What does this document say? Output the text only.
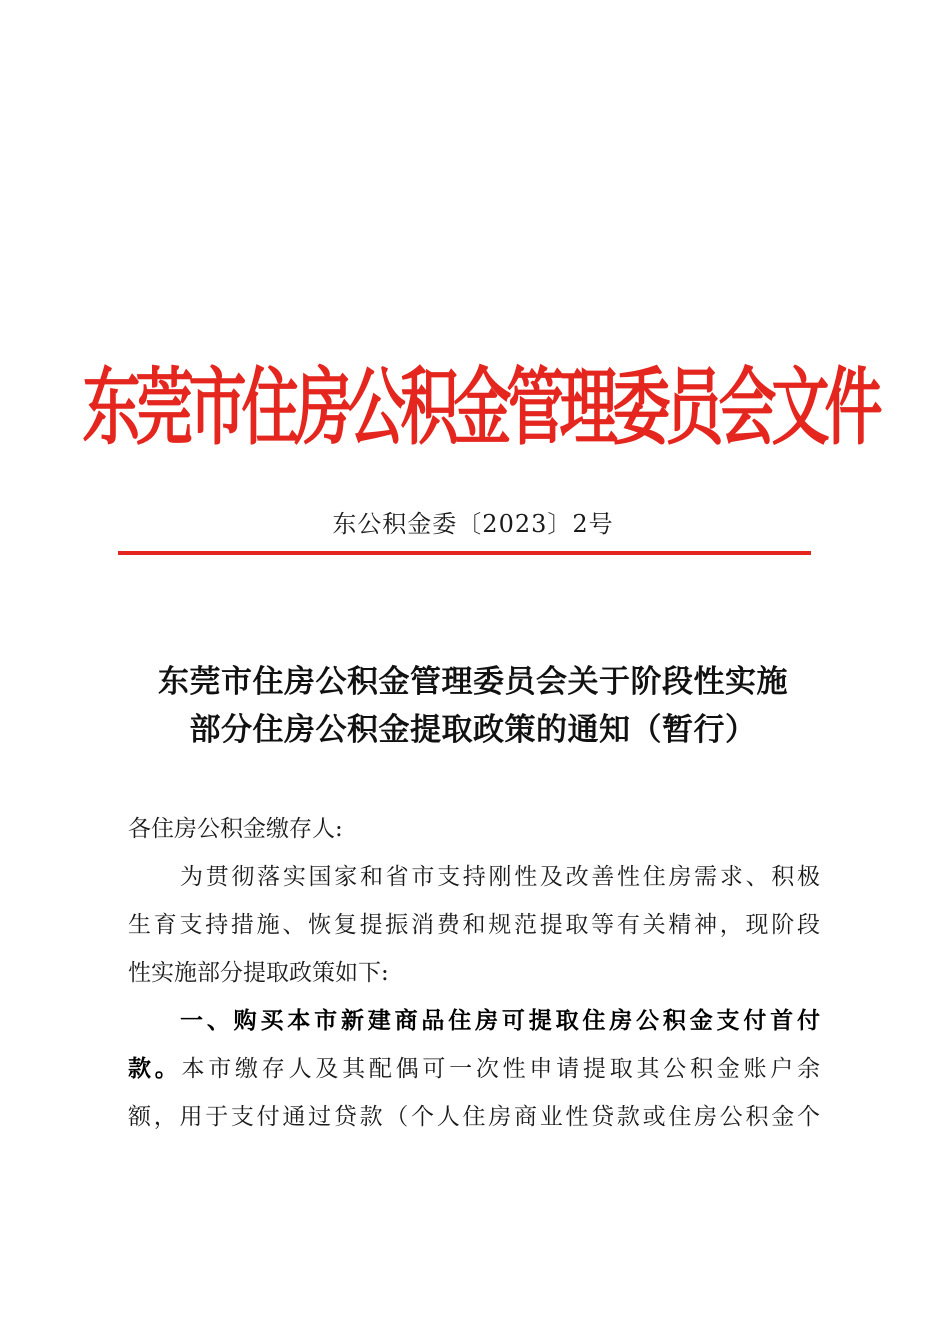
东莞市住房公积金管理委员会文件
东公积金委〔2023〕2号
东莞市住房公积金管理委员会关于阶段性实施
部分住房公积金提取政策的通知（暂行）
各住房公积金缴存人:
为贯彻落实国家和省市支持刚性及改善性住房需求、积极
生育支持措施、恢复提振消费和规范提取等有关精神，现阶段
性实施部分提取政策如下:
一、购买本市新建商品住房可提取住房公积金支付首付
款。本市缴存人及其配偶可一次性申请提取其公积金账户余
额，用于支付通过贷款（个人住房商业性贷款或住房公积金个
